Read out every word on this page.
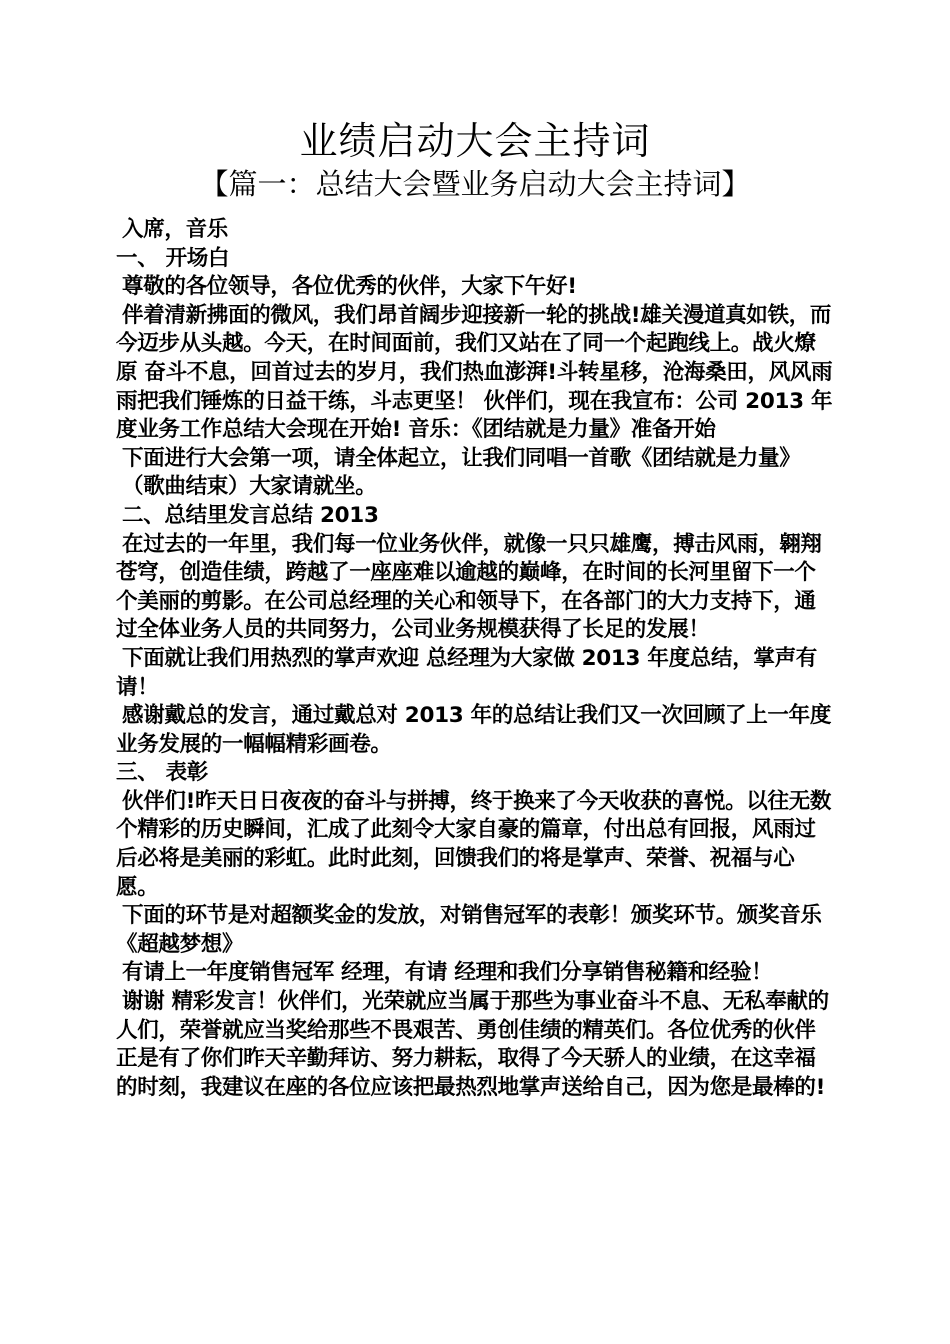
业绩启动大会主持词
【篇一：总结大会暨业务启动大会主持词】

入席，音乐

一、 开场白

尊敬的各位领导，各位优秀的伙伴，大家下午好!

伴着清新拂面的微风，我们昂首阔步迎接新一轮的挑战!雄关漫道真如铁，而今迈步从头越。今天，在时间面前，我们又站在了同一个起跑线上。战火燎原 奋斗不息，回首过去的岁月，我们热血澎湃!斗转星移，沧海桑田，风风雨雨把我们锤炼的日益干练，斗志更坚！ 伙伴们，现在我宣布：公司 2013 年度业务工作总结大会现在开始! 音乐：《团结就是力量》准备开始

下面进行大会第一项，请全体起立，让我们同唱一首歌《团结就是力量》

（歌曲结束）大家请就坐。

二、总结里发言总结 2013

在过去的一年里，我们每一位业务伙伴，就像一只只雄鹰，搏击风雨，翱翔苍穹，创造佳绩，跨越了一座座难以逾越的巅峰，在时间的长河里留下一个个美丽的剪影。在公司总经理的关心和领导下，在各部门的大力支持下，通过全体业务人员的共同努力，公司业务规模获得了长足的发展！

下面就让我们用热烈的掌声欢迎 总经理为大家做 2013 年度总结，掌声有请！

感谢戴总的发言，通过戴总对 2013 年的总结让我们又一次回顾了上一年度业务发展的一幅幅精彩画卷。

三、 表彰

伙伴们!昨天日日夜夜的奋斗与拼搏，终于换来了今天收获的喜悦。以往无数个精彩的历史瞬间，汇成了此刻令大家自豪的篇章，付出总有回报，风雨过后必将是美丽的彩虹。此时此刻，回馈我们的将是掌声、荣誉、祝福与心愿。

下面的环节是对超额奖金的发放，对销售冠军的表彰！颁奖环节。颁奖音乐《超越梦想》

有请上一年度销售冠军 经理，有请 经理和我们分享销售秘籍和经验！

谢谢 精彩发言！伙伴们，光荣就应当属于那些为事业奋斗不息、无私奉献的人们，荣誉就应当奖给那些不畏艰苦、勇创佳绩的精英们。各位优秀的伙伴正是有了你们昨天辛勤拜访、努力耕耘，取得了今天骄人的业绩，在这幸福的时刻，我建议在座的各位应该把最热烈地掌声送给自己，因为您是最棒的!
